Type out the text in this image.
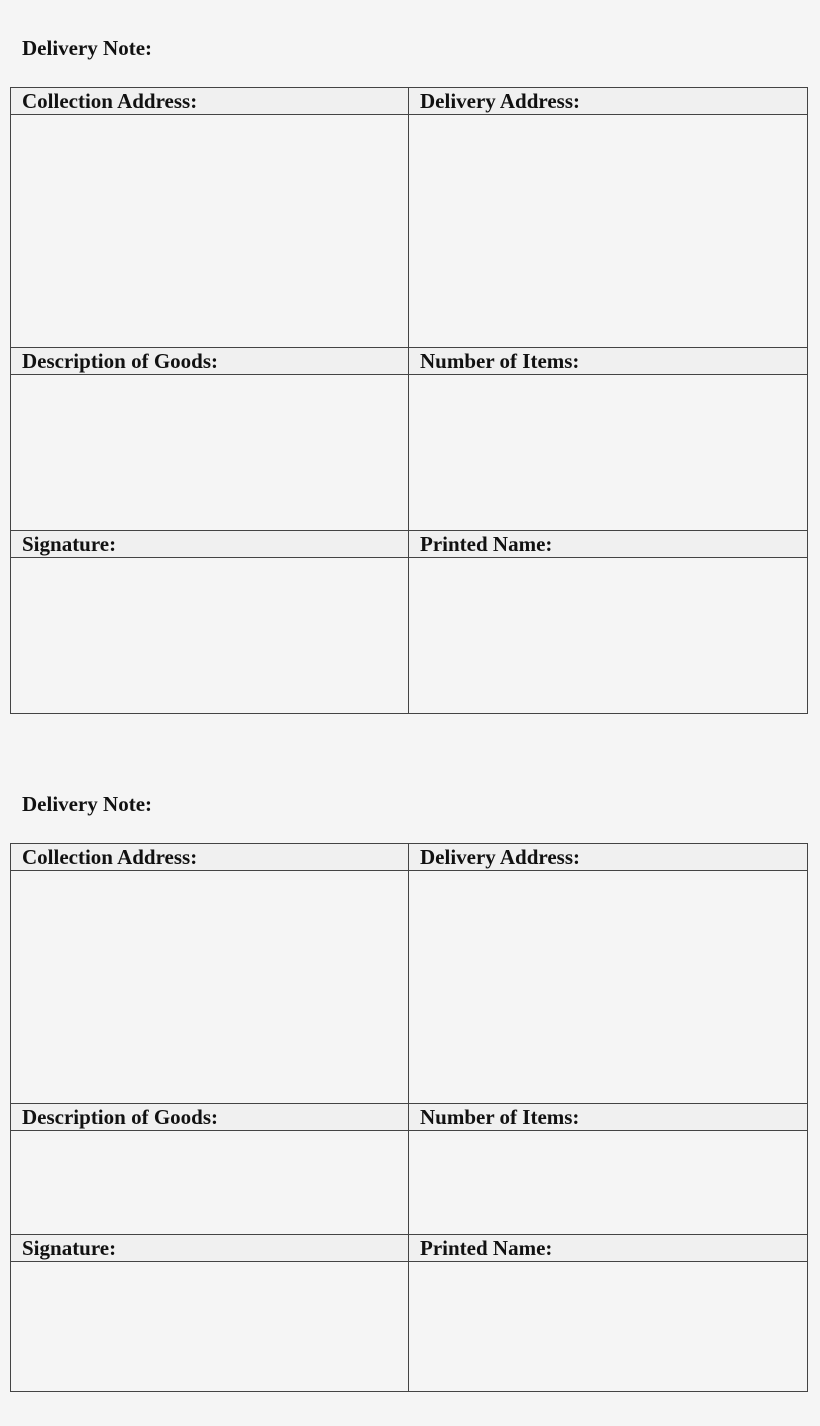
Delivery Note:
Collection Address:	Delivery Address:
Description of Goods:	Number of Items:
Signature:	Printed Name:
Delivery Note:
Collection Address:	Delivery Address:
Description of Goods:	Number of Items:
Signature:	Printed Name:
